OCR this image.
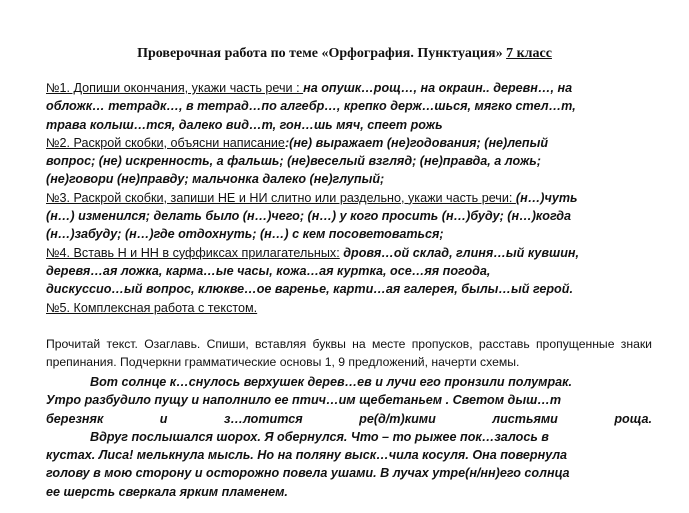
Проверочная работа по теме «Орфография. Пунктуация» 7 класс
№1. Допиши окончания, укажи часть речи : на опушк…рощ…, на окраин.. деревн…, на
обложк… тетрадк…, в тетрад…по алгебр…, крепко держ…шься, мягко стел…т,
трава колыш…тся, далеко вид…т, гон…шь мяч, спеет рожь
№2. Раскрой скобки, объясни написание:(не) выражает (не)годования; (не)лепый
вопрос; (не) искренность, а фальшь; (не)веселый взгляд; (не)правда, а ложь;
(не)говори (не)правду; мальчонка далеко (не)глупый;
№3. Раскрой скобки, запиши НЕ и НИ слитно или раздельно, укажи часть речи: (н…)чуть
(н…) изменился; делать было (н…)чего; (н…) у кого просить (н…)буду; (н…)когда
(н…)забуду; (н…)где отдохнуть; (н…) с кем посоветоваться;
№4. Вставь Н и НН в суффиксах прилагательных: дровя…ой склад, глиня…ый кувшин,
деревя…ая ложка, карма…ые часы, кожа…ая куртка, осе…яя погода,
дискуссио…ый вопрос, клюкве…ое варенье, карти…ая галерея, былы…ый герой.
№5. Комплексная работа с текстом.
Прочитай текст. Озаглавь. Спиши, вставляя буквы на месте пропусков, расставь пропущенные знаки препинания. Подчеркни грамматические основы 1, 9 предложений, начерти схемы.
Вот солнце к…снулось верхушек дерев…ев и лучи его пронзили полумрак.
Утро разбудило пущу и наполнило ее птич…им щебетаньем . Светом дыш…т
березняк и з…лотится ре(д/т)кими листьями роща.
Вдруг послышался шорох. Я обернулся. Что – то рыжее пок…залось в
кустах. Лиса! мелькнула мысль. Но на поляну выск…чила косуля. Она повернула
голову в мою сторону и осторожно повела ушами. В лучах утре(н/нн)его солнца
ее шерсть сверкала ярким пламенем.
